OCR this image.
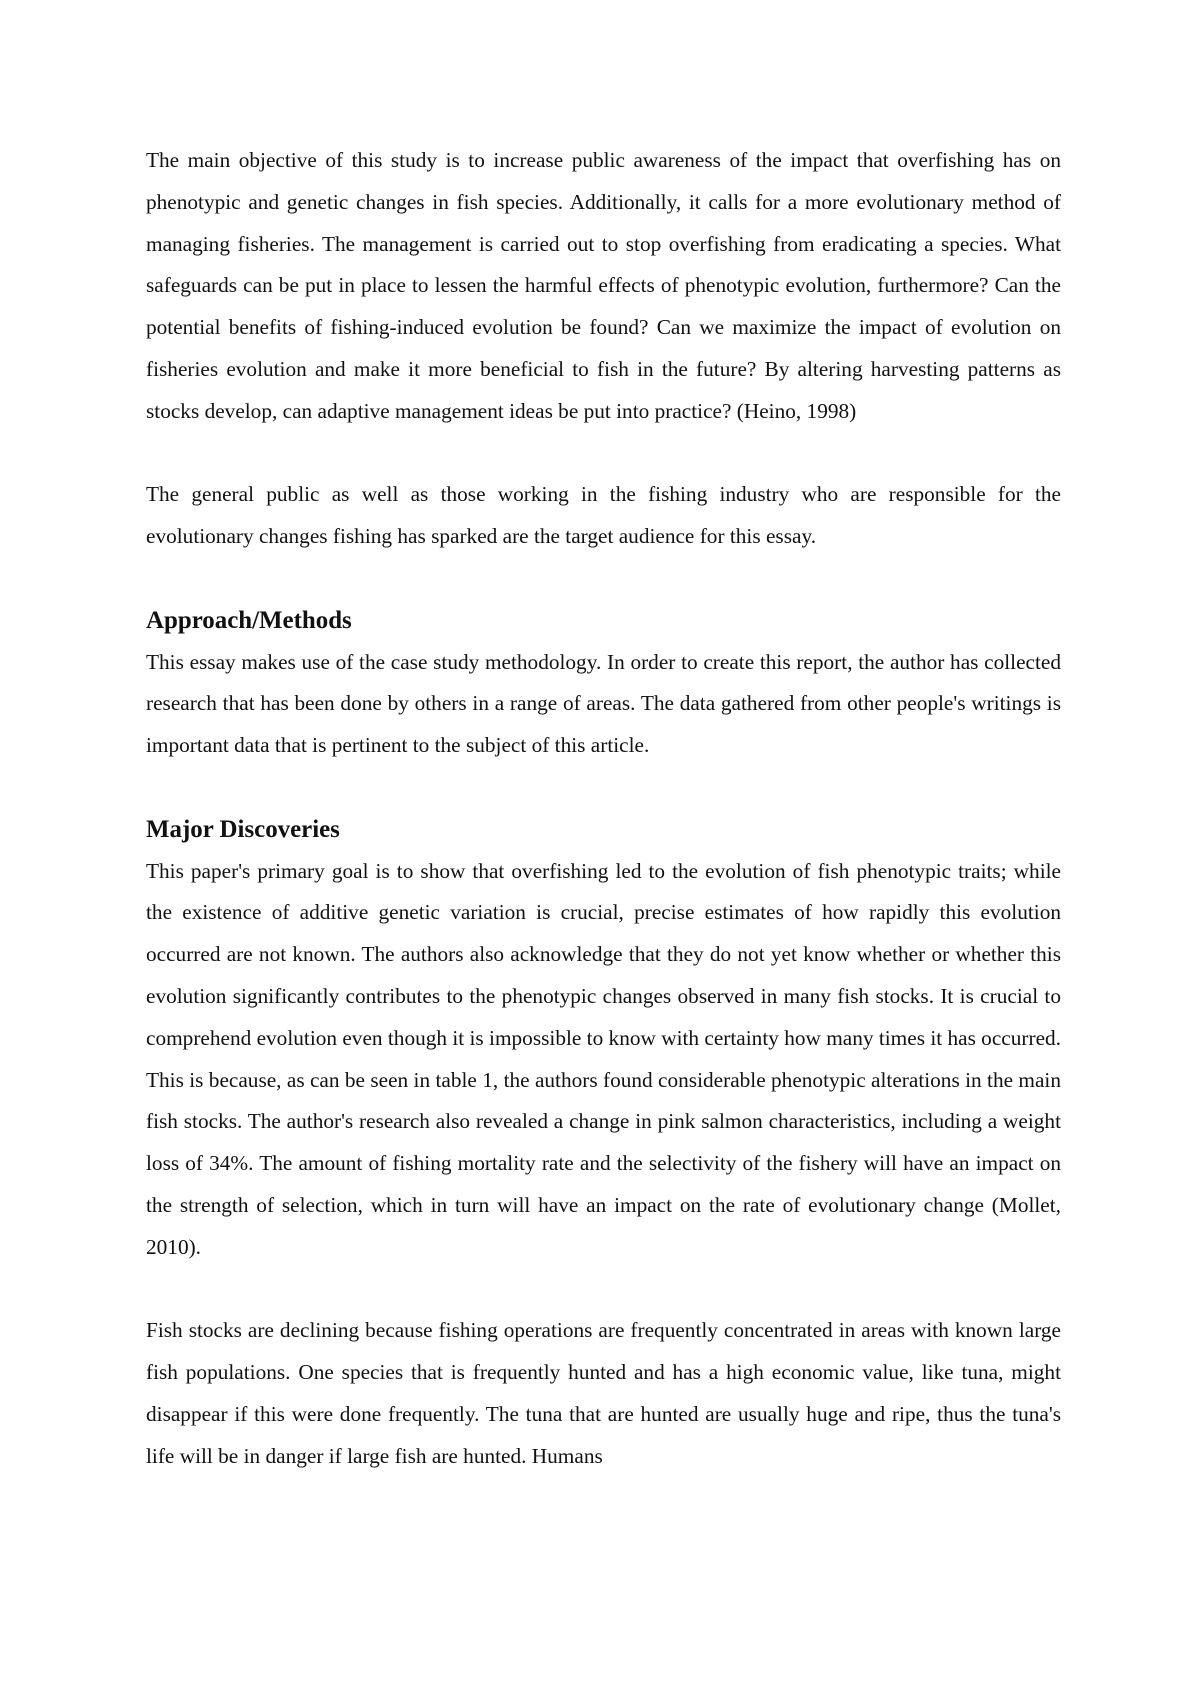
The main objective of this study is to increase public awareness of the impact that overfishing has on phenotypic and genetic changes in fish species. Additionally, it calls for a more evolutionary method of managing fisheries. The management is carried out to stop overfishing from eradicating a species. What safeguards can be put in place to lessen the harmful effects of phenotypic evolution, furthermore? Can the potential benefits of fishing-induced evolution be found? Can we maximize the impact of evolution on fisheries evolution and make it more beneficial to fish in the future? By altering harvesting patterns as stocks develop, can adaptive management ideas be put into practice? (Heino, 1998)

The general public as well as those working in the fishing industry who are responsible for the evolutionary changes fishing has sparked are the target audience for this essay.

Approach/Methods

This essay makes use of the case study methodology. In order to create this report, the author has collected research that has been done by others in a range of areas. The data gathered from other people's writings is important data that is pertinent to the subject of this article.

Major Discoveries

This paper's primary goal is to show that overfishing led to the evolution of fish phenotypic traits; while the existence of additive genetic variation is crucial, precise estimates of how rapidly this evolution occurred are not known. The authors also acknowledge that they do not yet know whether or whether this evolution significantly contributes to the phenotypic changes observed in many fish stocks. It is crucial to comprehend evolution even though it is impossible to know with certainty how many times it has occurred. This is because, as can be seen in table 1, the authors found considerable phenotypic alterations in the main fish stocks. The author's research also revealed a change in pink salmon characteristics, including a weight loss of 34%. The amount of fishing mortality rate and the selectivity of the fishery will have an impact on the strength of selection, which in turn will have an impact on the rate of evolutionary change (Mollet, 2010).

Fish stocks are declining because fishing operations are frequently concentrated in areas with known large fish populations. One species that is frequently hunted and has a high economic value, like tuna, might disappear if this were done frequently. The tuna that are hunted are usually huge and ripe, thus the tuna's life will be in danger if large fish are hunted. Humans
